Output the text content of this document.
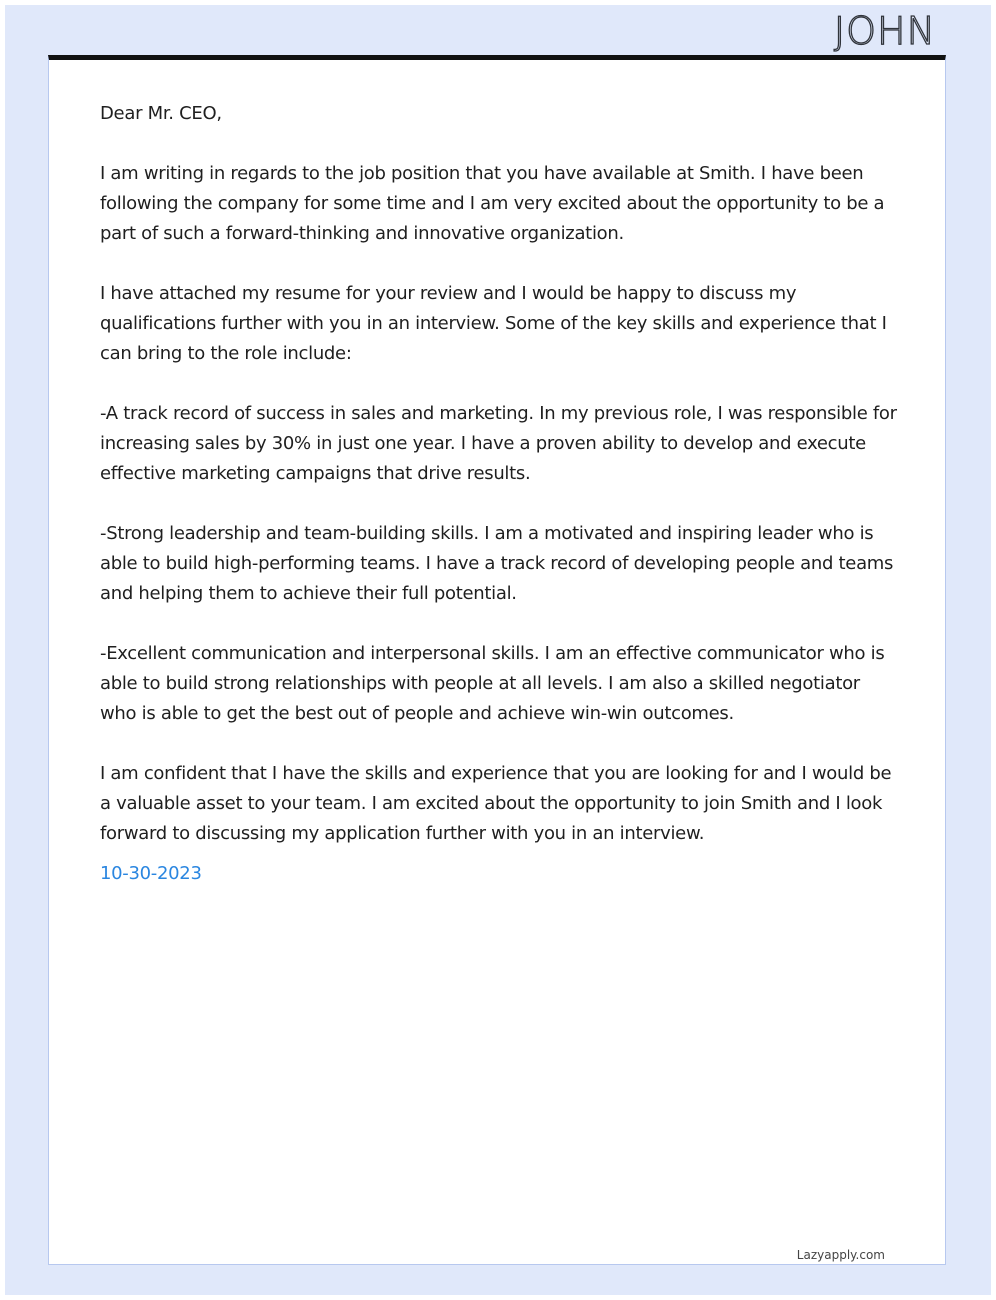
JOHN
Lazyapply.com

Dear Mr. CEO,

I am writing in regards to the job position that you have available at Smith. I have been following the company for some time and I am very excited about the opportunity to be a part of such a forward-thinking and innovative organization.

I have attached my resume for your review and I would be happy to discuss my qualifications further with you in an interview. Some of the key skills and experience that I can bring to the role include:

-A track record of success in sales and marketing. In my previous role, I was responsible for increasing sales by 30% in just one year. I have a proven ability to develop and execute effective marketing campaigns that drive results.

-Strong leadership and team-building skills. I am a motivated and inspiring leader who is able to build high-performing teams. I have a track record of developing people and teams and helping them to achieve their full potential.

-Excellent communication and interpersonal skills. I am an effective communicator who is able to build strong relationships with people at all levels. I am also a skilled negotiator who is able to get the best out of people and achieve win-win outcomes.

I am confident that I have the skills and experience that you are looking for and I would be a valuable asset to your team. I am excited about the opportunity to join Smith and I look forward to discussing my application further with you in an interview.

10-30-2023
